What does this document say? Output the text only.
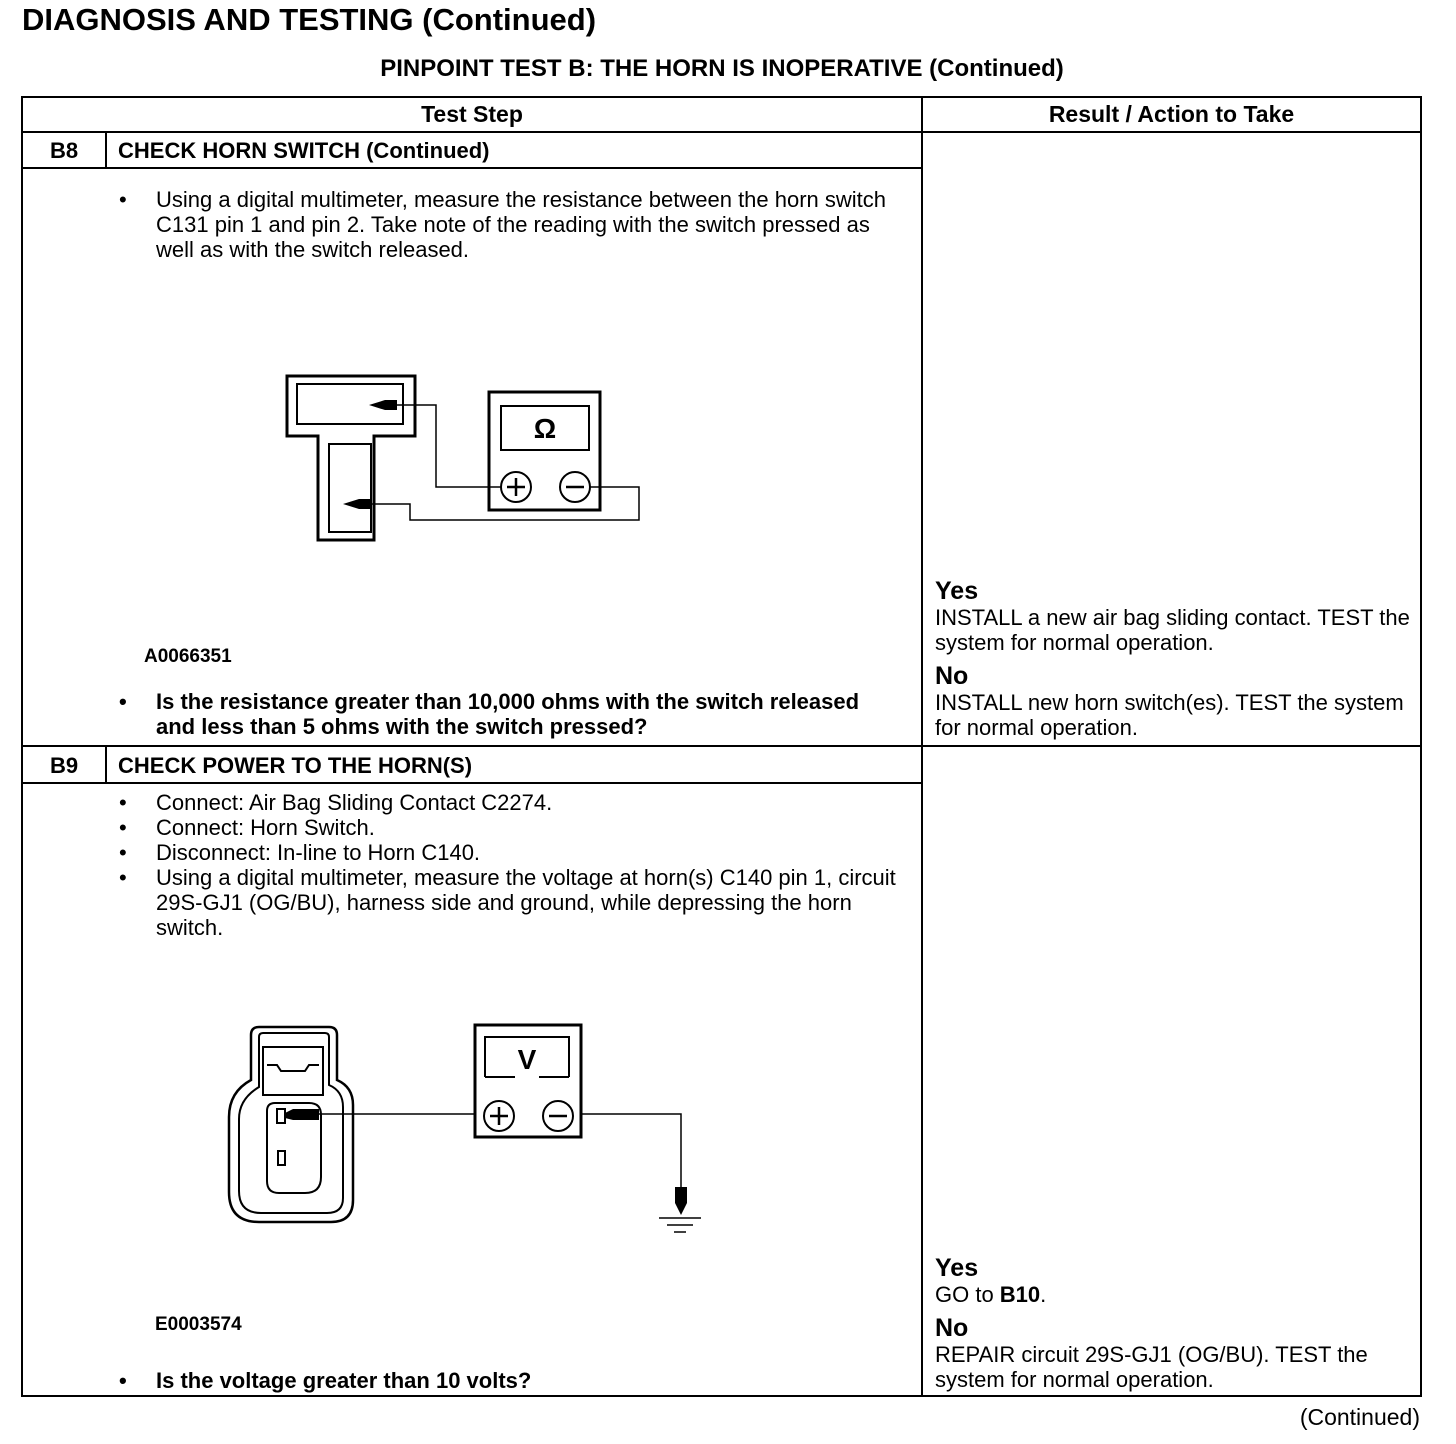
DIAGNOSIS AND TESTING (Continued)
PINPOINT TEST B: THE HORN IS INOPERATIVE (Continued)
Test Step	Result / Action to Take
B8	CHECK HORN SWITCH (Continued)
• Using a digital multimeter, measure the resistance between the horn switch C131 pin 1 and pin 2. Take note of the reading with the switch pressed as well as with the switch released.
Ω
A0066351
• Is the resistance greater than 10,000 ohms with the switch released and less than 5 ohms with the switch pressed?
Yes
INSTALL a new air bag sliding contact. TEST the system for normal operation.
No
INSTALL new horn switch(es). TEST the system for normal operation.
B9	CHECK POWER TO THE HORN(S)
• Connect: Air Bag Sliding Contact C2274.
• Connect: Horn Switch.
• Disconnect: In-line to Horn C140.
• Using a digital multimeter, measure the voltage at horn(s) C140 pin 1, circuit 29S-GJ1 (OG/BU), harness side and ground, while depressing the horn switch.
V
E0003574
• Is the voltage greater than 10 volts?
Yes
GO to B10.
No
REPAIR circuit 29S-GJ1 (OG/BU). TEST the system for normal operation.
(Continued)
